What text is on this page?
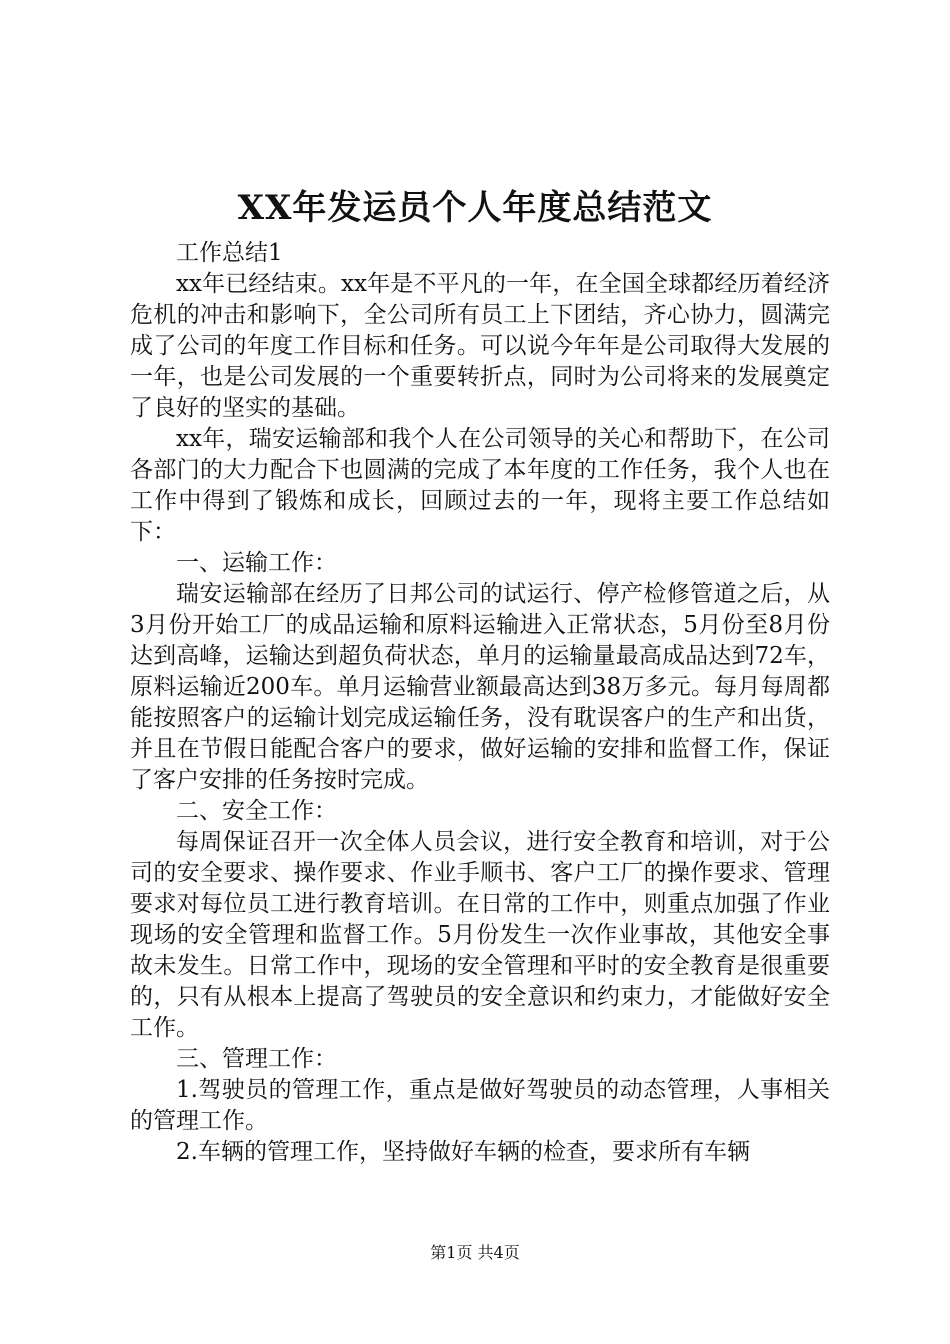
XX年发运员个人年度总结范文

工作总结1

xx年已经结束。xx年是不平凡的一年，在全国全球都经历着经济危机的冲击和影响下，全公司所有员工上下团结，齐心协力，圆满完成了公司的年度工作目标和任务。可以说今年年是公司取得大发展的一年，也是公司发展的一个重要转折点，同时为公司将来的发展奠定了良好的坚实的基础。

xx年，瑞安运输部和我个人在公司领导的关心和帮助下，在公司各部门的大力配合下也圆满的完成了本年度的工作任务，我个人也在工作中得到了锻炼和成长，回顾过去的一年，现将主要工作总结如下：

一、运输工作：

瑞安运输部在经历了日邦公司的试运行、停产检修管道之后，从3月份开始工厂的成品运输和原料运输进入正常状态，5月份至8月份达到高峰，运输达到超负荷状态，单月的运输量最高成品达到72车，原料运输近200车。单月运输营业额最高达到38万多元。每月每周都能按照客户的运输计划完成运输任务，没有耽误客户的生产和出货，并且在节假日能配合客户的要求，做好运输的安排和监督工作，保证了客户安排的任务按时完成。

二、安全工作：

每周保证召开一次全体人员会议，进行安全教育和培训，对于公司的安全要求、操作要求、作业手顺书、客户工厂的操作要求、管理要求对每位员工进行教育培训。在日常的工作中，则重点加强了作业现场的安全管理和监督工作。5月份发生一次作业事故，其他安全事故未发生。日常工作中，现场的安全管理和平时的安全教育是很重要的，只有从根本上提高了驾驶员的安全意识和约束力，才能做好安全工作。

三、管理工作：

1.驾驶员的管理工作，重点是做好驾驶员的动态管理，人事相关的管理工作。

2.车辆的管理工作，坚持做好车辆的检查，要求所有车辆

第1页 共4页
